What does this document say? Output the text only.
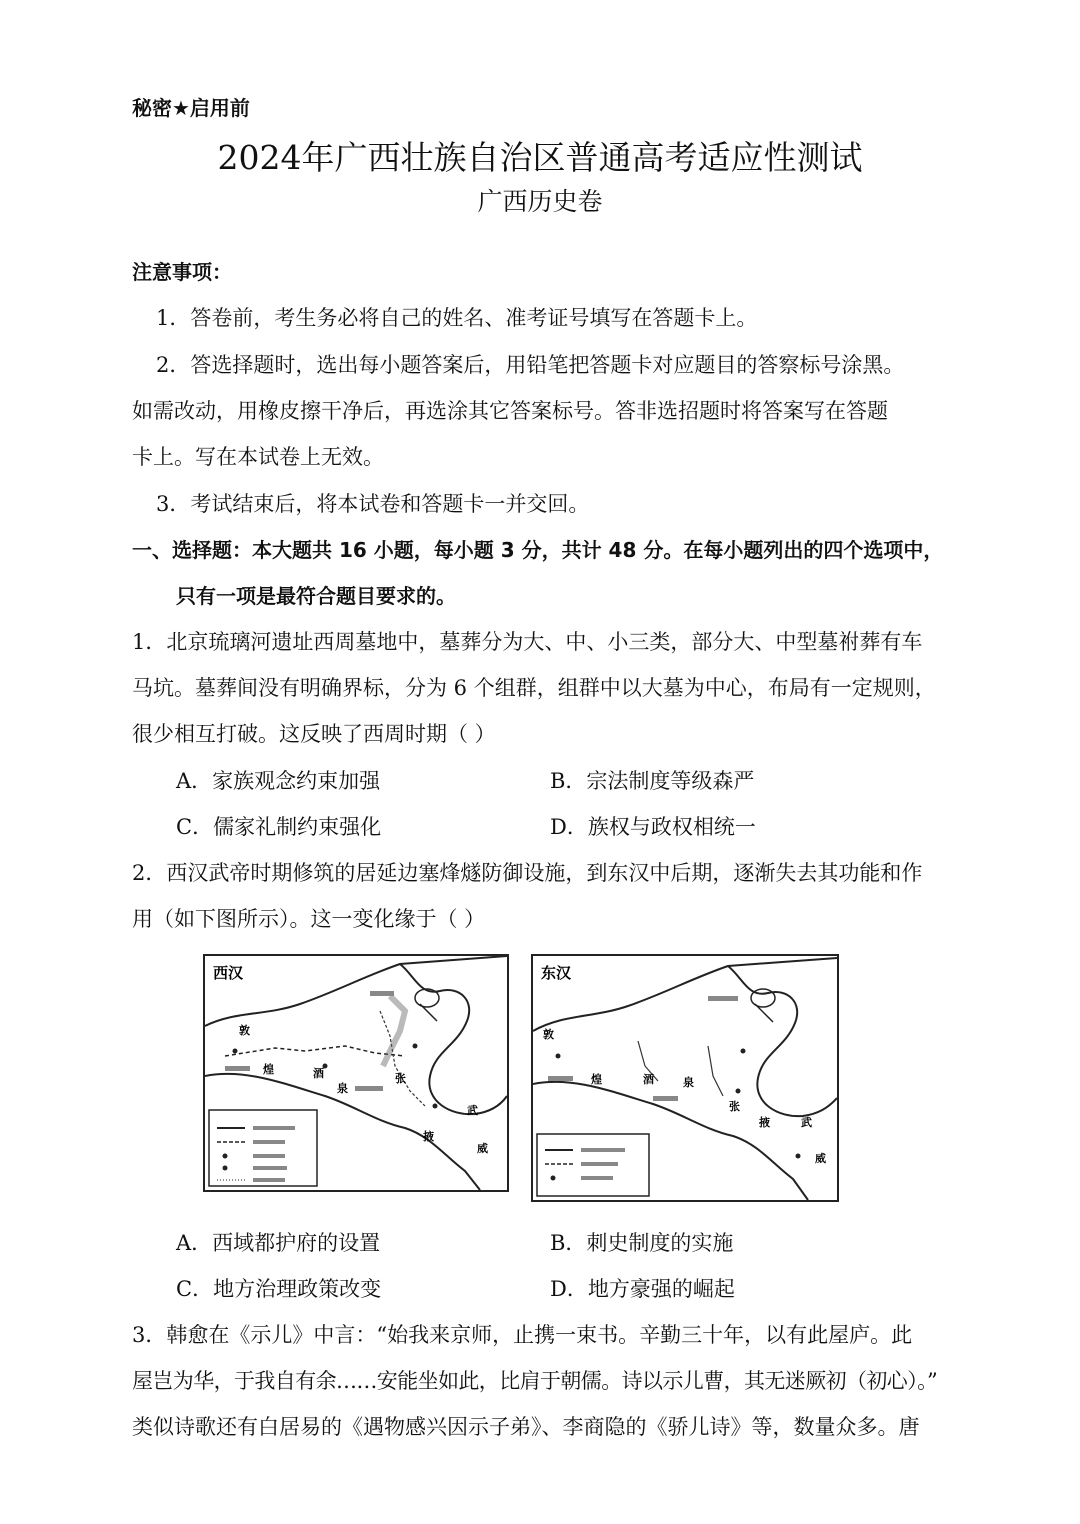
秘密★启用前
2024年广西壮族自治区普通高考适应性测试
广西历史卷
注意事项：
1．答卷前，考生务必将自己的姓名、准考证号填写在答题卡上。
2．答选择题时，选出每小题答案后，用铅笔把答题卡对应题目的答察标号涂黑。
如需改动，用橡皮擦干净后，再选涂其它答案标号。答非选招题时将答案写在答题
卡上。写在本试卷上无效。
3．考试结束后，将本试卷和答题卡一并交回。
一、选择题：本大题共 16 小题，每小题 3 分，共计 48 分。在每小题列出的四个选项中，
只有一项是最符合题目要求的。
1．北京琉璃河遗址西周墓地中，墓葬分为大、中、小三类，部分大、中型墓祔葬有车
马坑。墓葬间没有明确界标，分为 6 个组群，组群中以大墓为中心，布局有一定规则，
很少相互打破。这反映了西周时期（ ）
A．家族观念约束加强	B．宗法制度等级森严
C．儒家礼制约束强化	D．族权与政权相统一
2．西汉武帝时期修筑的居延边塞烽燧防御设施，到东汉中后期，逐渐失去其功能和作
用（如下图所示）。这一变化缘于（ ）
西汉
敦
煌	酒
泉
张
掖
武
威
东汉
敦
煌	酒	泉
张
掖	武
威
A．西域都护府的设置	B．刺史制度的实施
C．地方治理政策改变	D．地方豪强的崛起
3．韩愈在《示儿》中言：“始我来京师，止携一束书。辛勤三十年，以有此屋庐。此
屋岂为华，于我自有余……安能坐如此，比肩于朝儒。诗以示儿曹，其无迷厥初（初心）。”
类似诗歌还有白居易的《遇物感兴因示子弟》、李商隐的《骄儿诗》等，数量众多。唐
